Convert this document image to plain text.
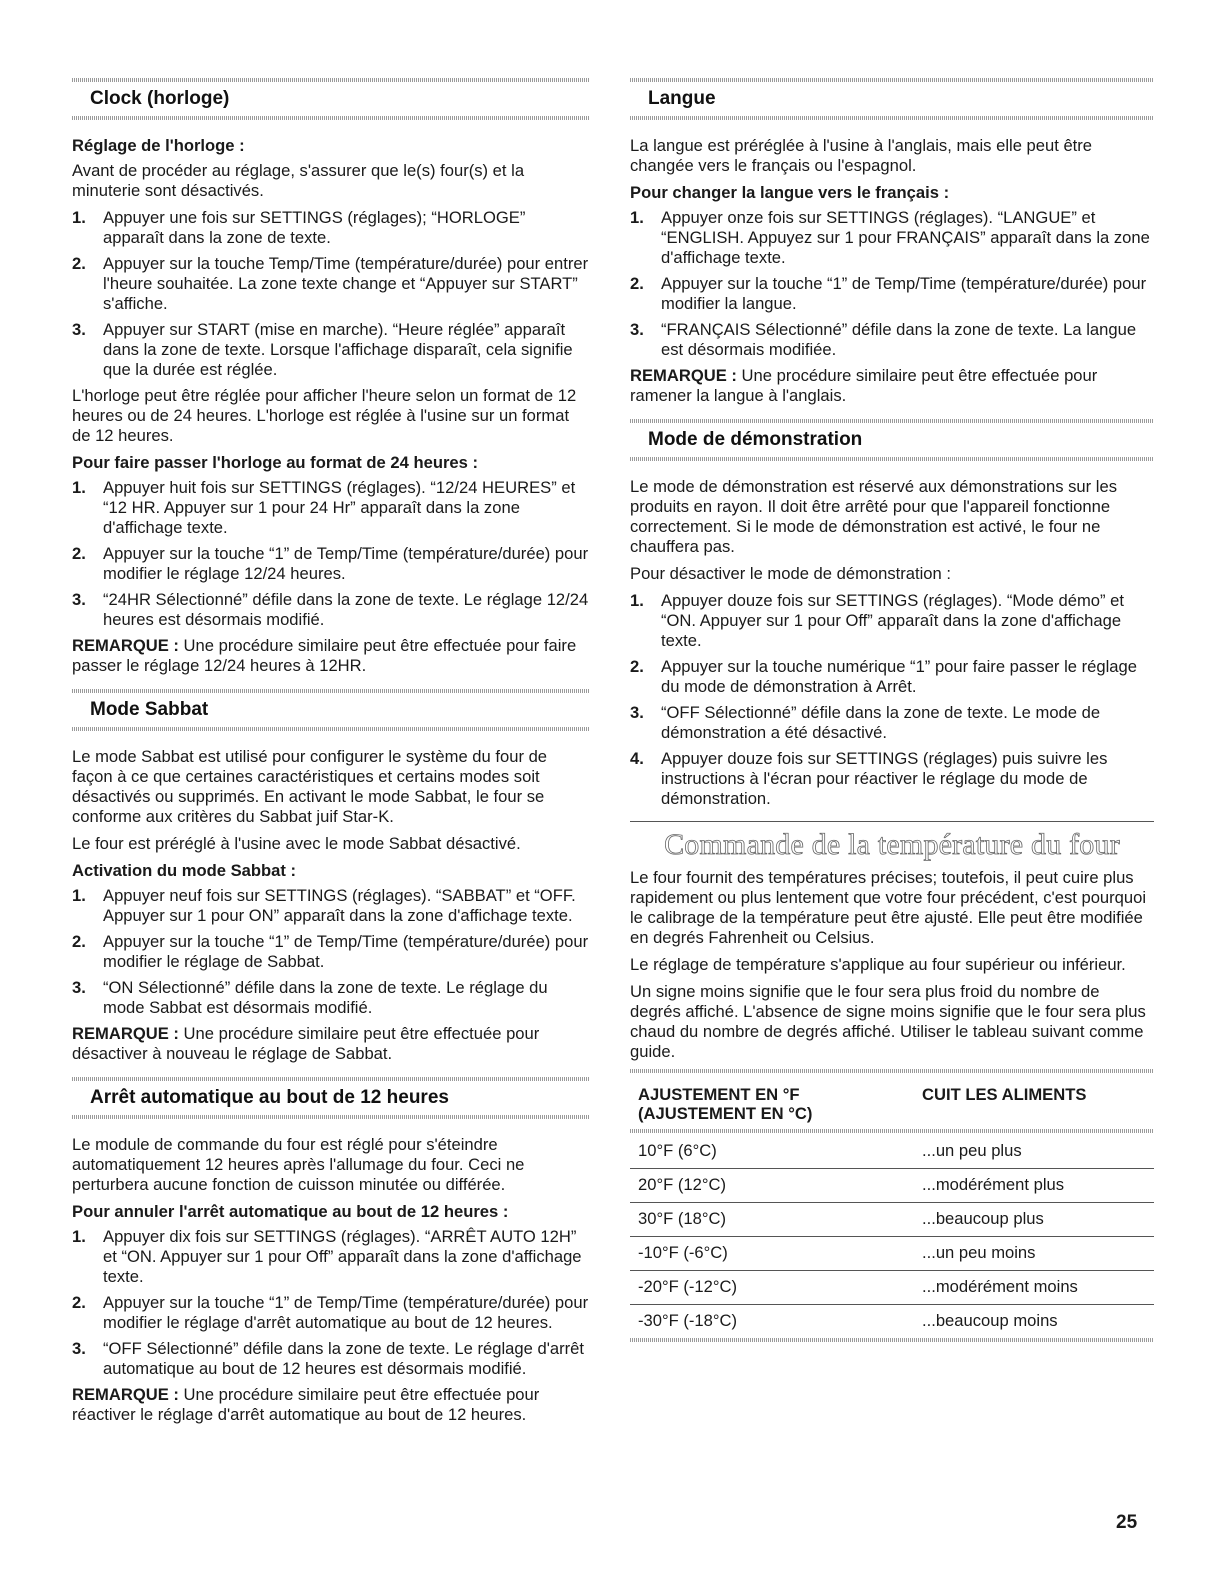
Clock (horloge)
Réglage de l'horloge :

Avant de procéder au réglage, s'assurer que le(s) four(s) et la minuterie sont désactivés.

1. Appuyer une fois sur SETTINGS (réglages); “HORLOGE” apparaît dans la zone de texte.
2. Appuyer sur la touche Temp/Time (température/durée) pour entrer l'heure souhaitée. La zone texte change et “Appuyer sur START” s'affiche.
3. Appuyer sur START (mise en marche). “Heure réglée” apparaît dans la zone de texte. Lorsque l'affichage disparaît, cela signifie que la durée est réglée.

L'horloge peut être réglée pour afficher l'heure selon un format de 12 heures ou de 24 heures. L'horloge est réglée à l'usine sur un format de 12 heures.

Pour faire passer l'horloge au format de 24 heures :
1. Appuyer huit fois sur SETTINGS (réglages). “12/24 HEURES” et “12 HR. Appuyer sur 1 pour 24 Hr” apparaît dans la zone d'affichage texte.
2. Appuyer sur la touche “1” de Temp/Time (température/durée) pour modifier le réglage 12/24 heures.
3. “24HR Sélectionné” défile dans la zone de texte. Le réglage 12/24 heures est désormais modifié.

REMARQUE : Une procédure similaire peut être effectuée pour faire passer le réglage 12/24 heures à 12HR.

Mode Sabbat

Le mode Sabbat est utilisé pour configurer le système du four de façon à ce que certaines caractéristiques et certains modes soit désactivés ou supprimés. En activant le mode Sabbat, le four se conforme aux critères du Sabbat juif Star-K.

Le four est préréglé à l'usine avec le mode Sabbat désactivé.

Activation du mode Sabbat :
1. Appuyer neuf fois sur SETTINGS (réglages). “SABBAT” et “OFF. Appuyer sur 1 pour ON” apparaît dans la zone d'affichage texte.
2. Appuyer sur la touche “1” de Temp/Time (température/durée) pour modifier le réglage de Sabbat.
3. “ON Sélectionné” défile dans la zone de texte. Le réglage du mode Sabbat est désormais modifié.

REMARQUE : Une procédure similaire peut être effectuée pour désactiver à nouveau le réglage de Sabbat.

Arrêt automatique au bout de 12 heures

Le module de commande du four est réglé pour s'éteindre automatiquement 12 heures après l'allumage du four. Ceci ne perturbera aucune fonction de cuisson minutée ou différée.

Pour annuler l'arrêt automatique au bout de 12 heures :
1. Appuyer dix fois sur SETTINGS (réglages). “ARRÊT AUTO 12H” et “ON. Appuyer sur 1 pour Off” apparaît dans la zone d'affichage texte.
2. Appuyer sur la touche “1” de Temp/Time (température/durée) pour modifier le réglage d'arrêt automatique au bout de 12 heures.
3. “OFF Sélectionné” défile dans la zone de texte. Le réglage d'arrêt automatique au bout de 12 heures est désormais modifié.

REMARQUE : Une procédure similaire peut être effectuée pour réactiver le réglage d'arrêt automatique au bout de 12 heures.

Langue

La langue est préréglée à l'usine à l'anglais, mais elle peut être changée vers le français ou l'espagnol.

Pour changer la langue vers le français :
1. Appuyer onze fois sur SETTINGS (réglages). “LANGUE” et “ENGLISH. Appuyez sur 1 pour FRANÇAIS” apparaît dans la zone d'affichage texte.
2. Appuyer sur la touche “1” de Temp/Time (température/durée) pour modifier la langue.
3. “FRANÇAIS Sélectionné” défile dans la zone de texte. La langue est désormais modifiée.

REMARQUE : Une procédure similaire peut être effectuée pour ramener la langue à l'anglais.

Mode de démonstration

Le mode de démonstration est réservé aux démonstrations sur les produits en rayon. Il doit être arrêté pour que l'appareil fonctionne correctement. Si le mode de démonstration est activé, le four ne chauffera pas.

Pour désactiver le mode de démonstration :

1. Appuyer douze fois sur SETTINGS (réglages). “Mode démo” et “ON. Appuyer sur 1 pour Off” apparaît dans la zone d'affichage texte.
2. Appuyer sur la touche numérique “1” pour faire passer le réglage du mode de démonstration à Arrêt.
3. “OFF Sélectionné” défile dans la zone de texte. Le mode de démonstration a été désactivé.
4. Appuyer douze fois sur SETTINGS (réglages) puis suivre les instructions à l'écran pour réactiver le réglage du mode de démonstration.
Commande de la température du four

Le four fournit des températures précises; toutefois, il peut cuire plus rapidement ou plus lentement que votre four précédent, c'est pourquoi le calibrage de la température peut être ajusté. Elle peut être modifiée en degrés Fahrenheit ou Celsius.

Le réglage de température s'applique au four supérieur ou inférieur.

Un signe moins signifie que le four sera plus froid du nombre de degrés affiché. L'absence de signe moins signifie que le four sera plus chaud du nombre de degrés affiché. Utiliser le tableau suivant comme guide.

AJUSTEMENT EN °F
(AJUSTEMENT EN °C)	CUIT LES ALIMENTS
10°F (6°C)	...un peu plus
20°F (12°C)	...modérément plus
30°F (18°C)	...beaucoup plus
-10°F (-6°C)	...un peu moins
-20°F (-12°C)	...modérément moins
-30°F (-18°C)	...beaucoup moins
25
